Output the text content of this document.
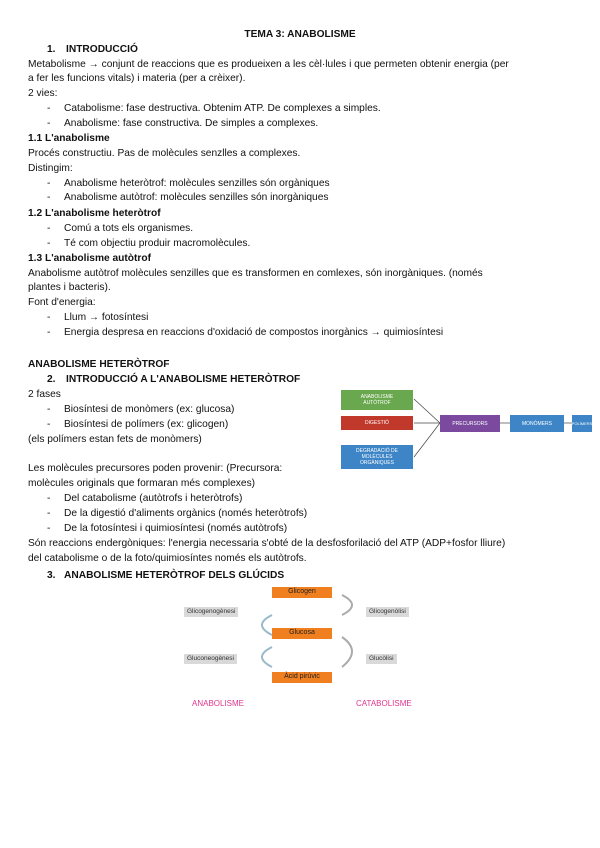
TEMA 3: ANABOLISME
1. INTRODUCCIÓ
Metabolisme → conjunt de reaccions que es produeixen a les cèl·lules i que permeten obtenir energia (per
a fer les funcions vitals) i materia (per a crèixer).
2 vies:
- Catabolisme: fase destructiva. Obtenim ATP. De complexes a simples.
- Anabolisme: fase constructiva. De simples a complexes.
1.1 L'anabolisme
Procés constructiu. Pas de molècules senzlles a complexes.
Distingim:
- Anabolisme heteròtrof: molècules senzilles són orgàniques
- Anabolisme autòtrof: molècules senzilles són inorgàniques
1.2 L'anabolisme heteròtrof
- Comú a tots els organismes.
- Té com objectiu produir macromolècules.
1.3 L'anabolisme autòtrof
Anabolisme autòtrof molècules senzilles que es transformen en comlexes, són inorgàniques. (només
plantes i bacteris).
Font d'energia:
- Llum → fotosíntesi
- Energia despresa en reaccions d'oxidació de compostos inorgànics → quimiosíntesi
ANABOLISME HETERÒTROF
2. INTRODUCCIÓ A L'ANABOLISME HETERÒTROF
2 fases
- Biosíntesi de monòmers (ex: glucosa)
- Biosíntesi de polímers (ex: glicogen)
(els polímers estan fets de monòmers)
Les molècules precursores poden provenir: (Precursora:
molècules originals que formaran més complexes)
- Del catabolisme (autòtrofs i heteròtrofs)
- De la digestió d'aliments orgànics (només heteròtrofs)
- De la fotosíntesi i quimiosíntesi (només autòtrofs)
Són reaccions endergòniques: l'energia necessaria s'obté de la desfosforilació del ATP (ADP+fosfor lliure)
del catabolisme o de la foto/quimiosíntes només els autòtrofs.
ANABOLISME
AUTÒTROF
DIGESTIÓ
DEGRADACIÓ DE
MOLÈCULES
ORGÀNIQUES
PRECURSORS	MONÒMERS	POLÍMERS
3. ANABOLISME HETERÒTROF DELS GLÚCIDS
Glicogen
Glucosa
Àcid pirúvic
Glicogenogènesi	Glicogenòlisi
Gluconeogènesi	Glucòlisi
ANABOLISME	CATABOLISME
